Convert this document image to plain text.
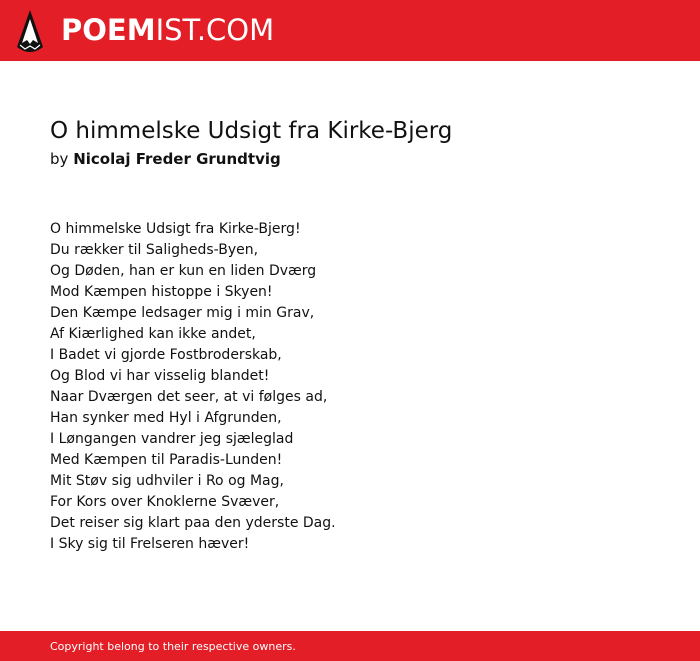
POEMIST.COM
O himmelske Udsigt fra Kirke-Bjerg
by Nicolaj Freder Grundtvig
O himmelske Udsigt fra Kirke-Bjerg!
Du rækker til Saligheds-Byen,
Og Døden, han er kun en liden Dværg
Mod Kæmpen histoppe i Skyen!
Den Kæmpe ledsager mig i min Grav,
Af Kiærlighed kan ikke andet,
I Badet vi gjorde Fostbroderskab,
Og Blod vi har visselig blandet!
Naar Dværgen det seer, at vi følges ad,
Han synker med Hyl i Afgrunden,
I Løngangen vandrer jeg sjæleglad
Med Kæmpen til Paradis-Lunden!
Mit Støv sig udhviler i Ro og Mag,
For Kors over Knoklerne Svæver,
Det reiser sig klart paa den yderste Dag.
I Sky sig til Frelseren hæver!
Copyright belong to their respective owners.
